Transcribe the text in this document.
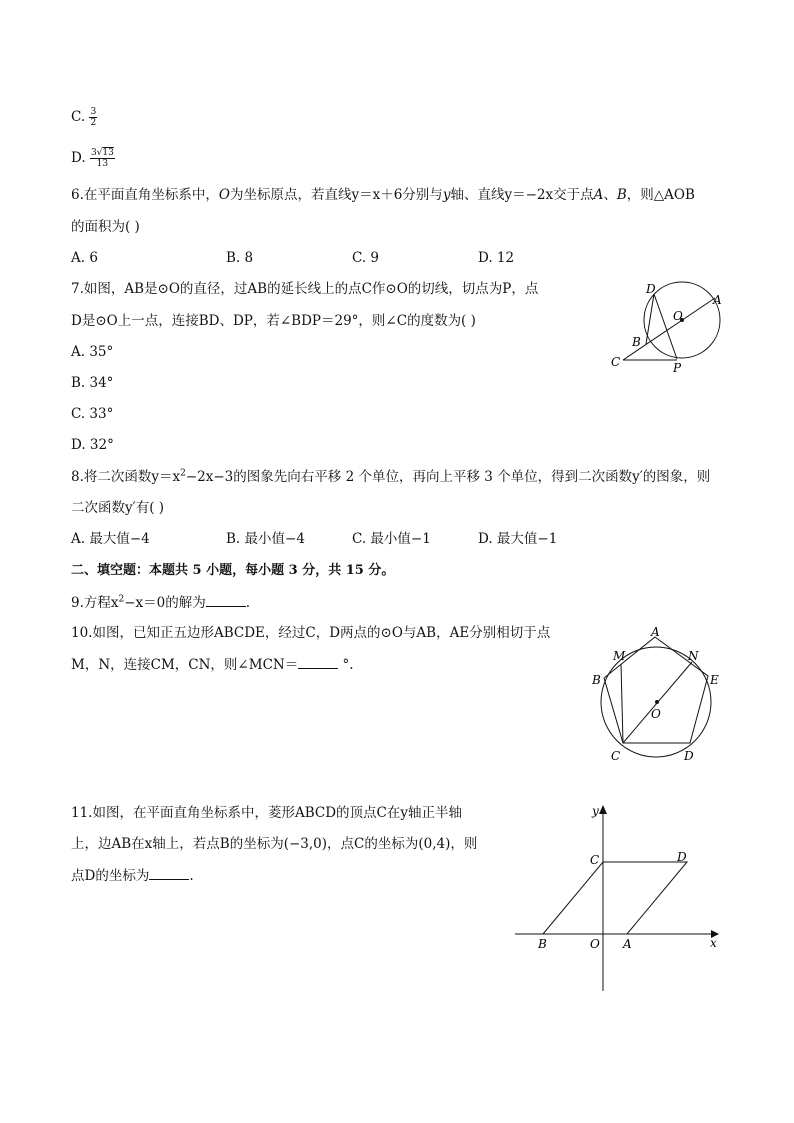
C. $\frac{3}{2}$
D. $\frac{3√13}{13}$
6.在平面直角坐标系中，O为坐标原点，若直线y＝x＋6分别与y轴、直线y＝−2x交于点A、B，则△AOB
的面积为( )
A. 6	B. 8	C. 9	D. 12
7.如图，AB是⊙O的直径，过AB的延长线上的点C作⊙O的切线，切点为P，点
D是⊙O上一点，连接BD、DP，若∠BDP＝29°，则∠C的度数为( )
A. 35°
B. 34°
C. 33°
D. 32°
D
O
A
B
C	P
8.将二次函数$y=x^2-2x-3$的图象先向右平移 2 个单位，再向上平移 3 个单位，得到二次函数y′的图象，则
二次函数y′有( )
A. 最大值−4	B. 最小值−4	C. 最小值−1	D. 最大值−1
二、填空题：本题共 5 小题，每小题 3 分，共 15 分。
9.方程$x^2-x=0$的解为	.
10.如图，已知正五边形ABCDE，经过C，D两点的⊙O与AB，AE分别相切于点
M，N，连接CM，CN，则∠MCN＝	°.
A
M	N
B	E
O
C	D
11.如图，在平面直角坐标系中，菱形ABCD的顶点C在y轴正半轴
上，边AB在x轴上，若点B的坐标为(−3,0)，点C的坐标为(0,4)，则
点D的坐标为	.
y
x
C	D
B	O A
